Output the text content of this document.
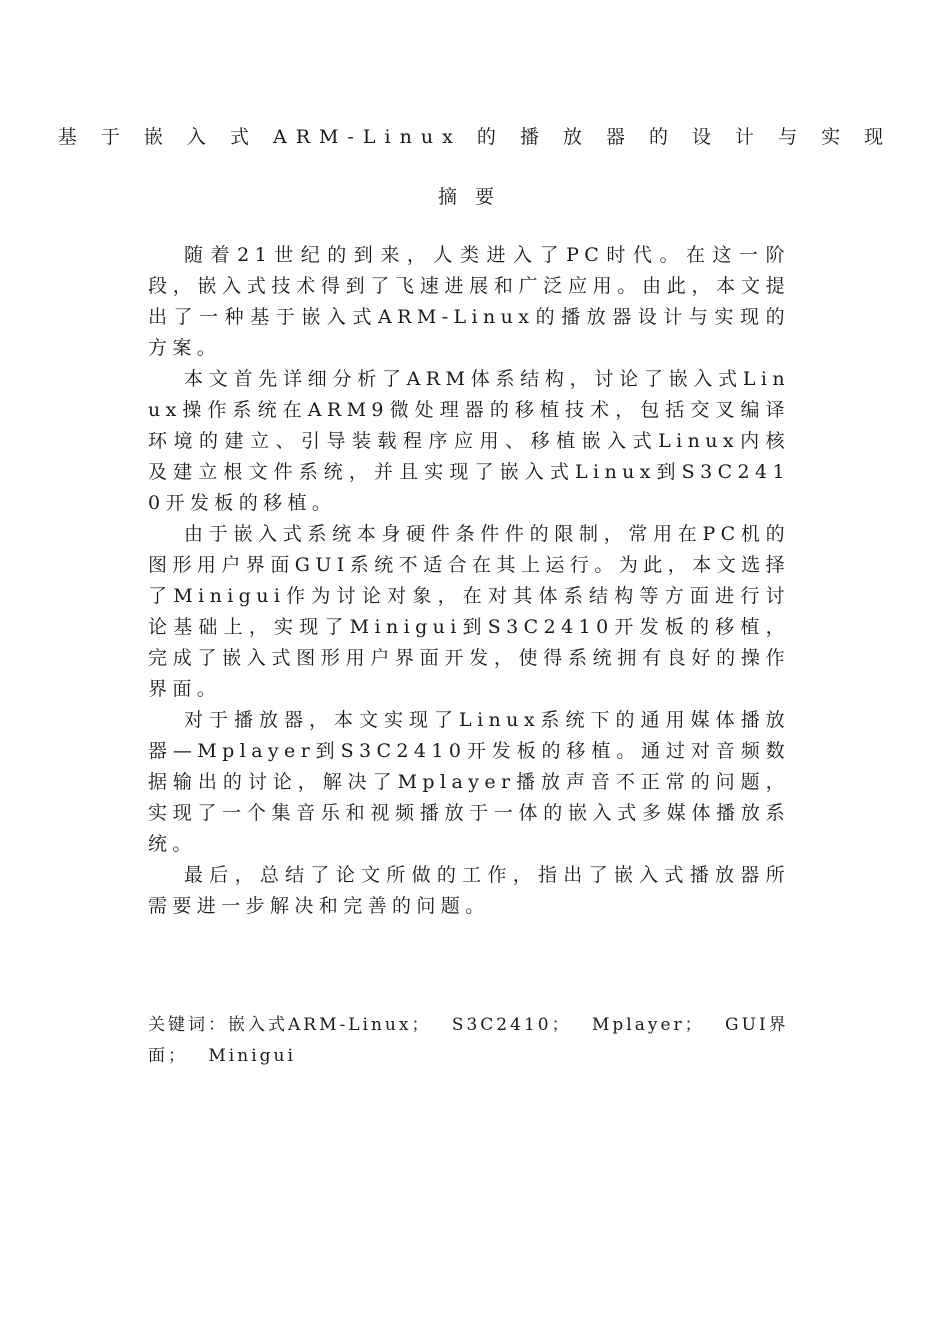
基 于 嵌 入 式 ARM-Linux 的 播 放 器 的 设 计 与 实 现
摘要

随着21世纪的到来，人类进入了PC时代。在这一阶段，嵌入式技术得到了飞速进展和广泛应用。由此，本文提出了一种基于嵌入式ARM-Linux的播放器设计与实现的方案。

本文首先详细分析了ARM体系结构，讨论了嵌入式Linux操作系统在ARM9微处理器的移植技术，包括交叉编译环境的建立、引导装载程序应用、移植嵌入式Linux内核及建立根文件系统，并且实现了嵌入式Linux到S3C2410开发板的移植。

由于嵌入式系统本身硬件条件件的限制，常用在PC机的图形用户界面GUI系统不适合在其上运行。为此，本文选择了Minigui作为讨论对象，在对其体系结构等方面进行讨论基础上，实现了Minigui到S3C2410开发板的移植，完成了嵌入式图形用户界面开发，使得系统拥有良好的操作界面。

对于播放器，本文实现了Linux系统下的通用媒体播放器—Mplayer到S3C2410开发板的移植。通过对音频数据输出的讨论，解决了Mplayer播放声音不正常的问题，实现了一个集音乐和视频播放于一体的嵌入式多媒体播放系统。

最后，总结了论文所做的工作，指出了嵌入式播放器所需要进一步解决和完善的问题。

关键词：嵌入式ARM-Linux； S3C2410； Mplayer； GUI界面； Minigui
